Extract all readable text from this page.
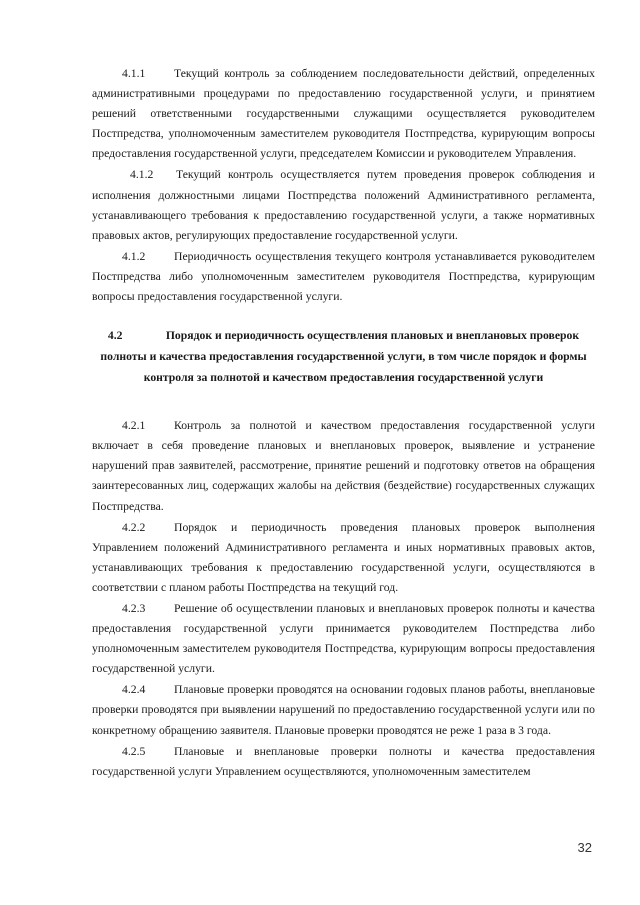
4.1.1 Текущий контроль за соблюдением последовательности действий, определенных административными процедурами по предоставлению государственной услуги, и принятием решений ответственными государственными служащими осуществляется руководителем Постпредства, уполномоченным заместителем руководителя Постпредства, курирующим вопросы предоставления государственной услуги, председателем Комиссии и руководителем Управления.

4.1.2 Текущий контроль осуществляется путем проведения проверок соблюдения и исполнения должностными лицами Постпредства положений Административного регламента, устанавливающего требования к предоставлению государственной услуги, а также нормативных правовых актов, регулирующих предоставление государственной услуги.

4.1.2 Периодичность осуществления текущего контроля устанавливается руководителем Постпредства либо уполномоченным заместителем руководителя Постпредства, курирующим вопросы предоставления государственной услуги.

4.2	Порядок и периодичность осуществления плановых и внеплановых проверок полноты и качества предоставления государственной услуги, в том числе порядок и формы контроля за полнотой и качеством предоставления государственной услуги

4.2.1 Контроль за полнотой и качеством предоставления государственной услуги включает в себя проведение плановых и внеплановых проверок, выявление и устранение нарушений прав заявителей, рассмотрение, принятие решений и подготовку ответов на обращения заинтересованных лиц, содержащих жалобы на действия (бездействие) государственных служащих Постпредства.

4.2.2 Порядок и периодичность проведения плановых проверок выполнения Управлением положений Административного регламента и иных нормативных правовых актов, устанавливающих требования к предоставлению государственной услуги, осуществляются в соответствии с планом работы Постпредства на текущий год.

4.2.3 Решение об осуществлении плановых и внеплановых проверок полноты и качества предоставления государственной услуги принимается руководителем Постпредства либо уполномоченным заместителем руководителя Постпредства, курирующим вопросы предоставления государственной услуги.

4.2.4 Плановые проверки проводятся на основании годовых планов работы, внеплановые проверки проводятся при выявлении нарушений по предоставлению государственной услуги или по конкретному обращению заявителя. Плановые проверки проводятся не реже 1 раза в 3 года.

4.2.5 Плановые и внеплановые проверки полноты и качества предоставления государственной услуги Управлением осуществляются, уполномоченным заместителем

32
